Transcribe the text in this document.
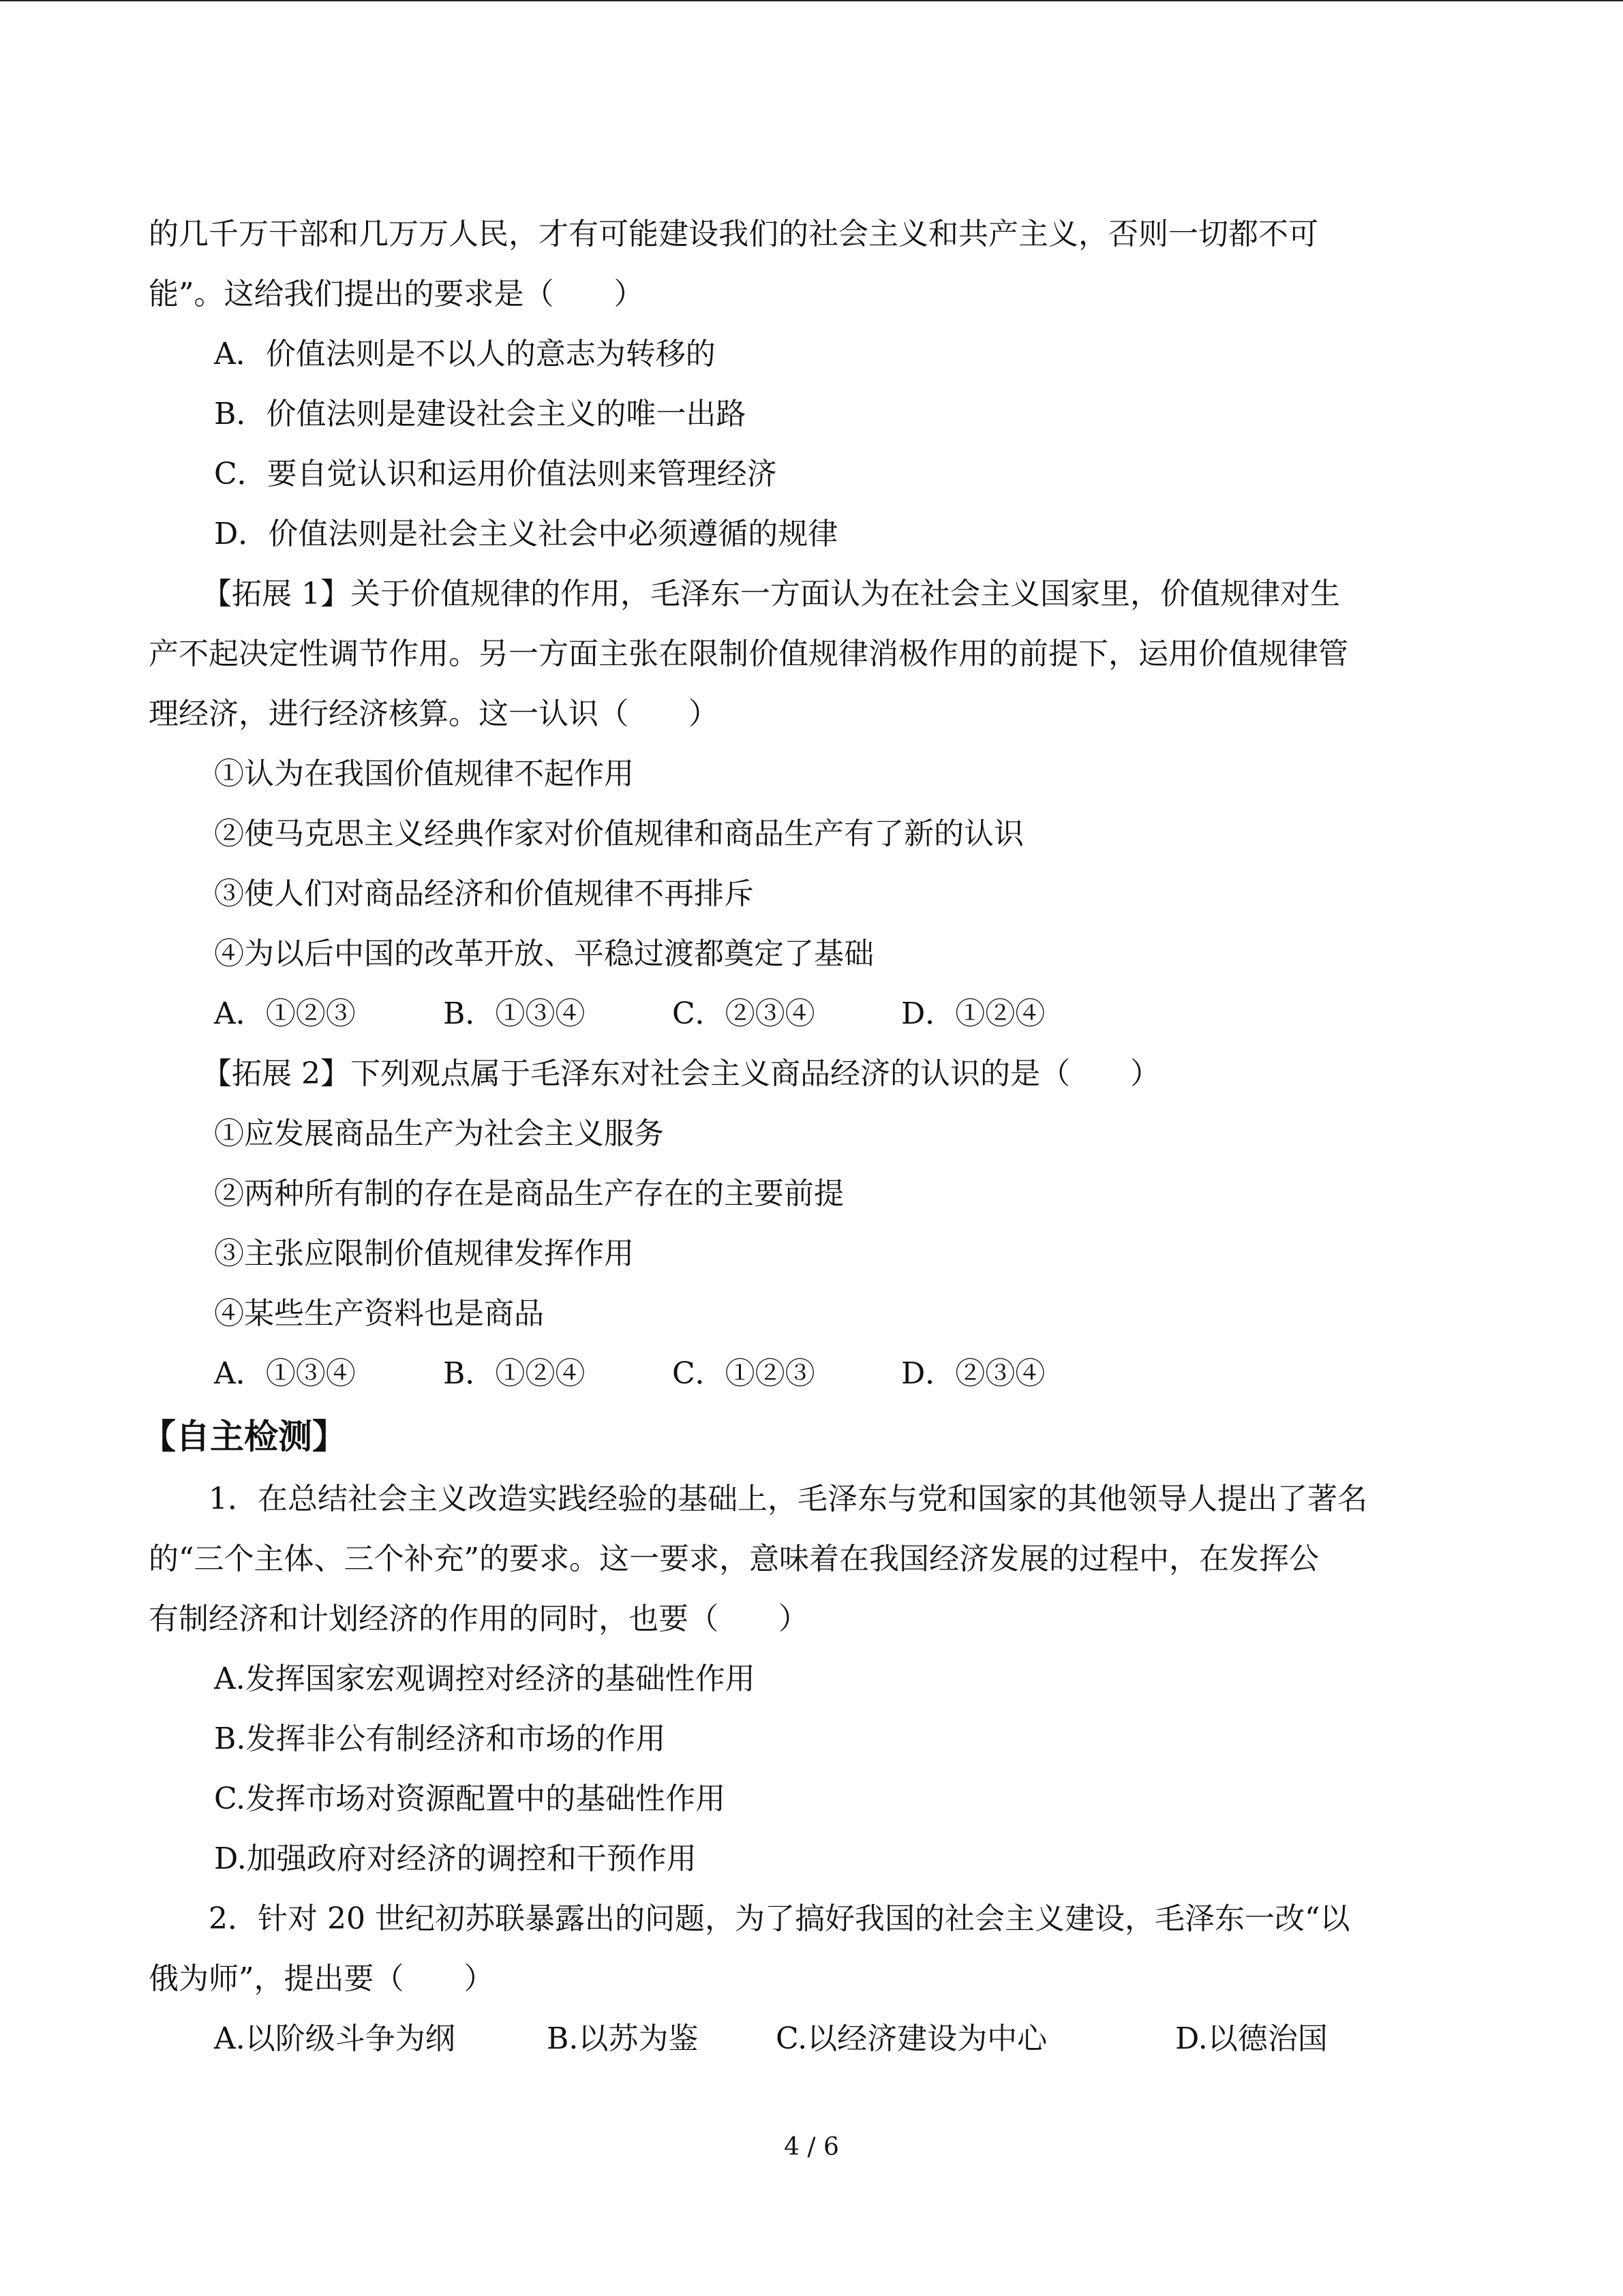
的几千万干部和几万万人民，才有可能建设我们的社会主义和共产主义，否则一切都不可
能”。这给我们提出的要求是（　　）
A．价值法则是不以人的意志为转移的
B．价值法则是建设社会主义的唯一出路
C．要自觉认识和运用价值法则来管理经济
D．价值法则是社会主义社会中必须遵循的规律
【拓展 1】关于价值规律的作用，毛泽东一方面认为在社会主义国家里，价值规律对生
产不起决定性调节作用。另一方面主张在限制价值规律消极作用的前提下，运用价值规律管
理经济，进行经济核算。这一认识（　　）
①认为在我国价值规律不起作用
②使马克思主义经典作家对价值规律和商品生产有了新的认识
③使人们对商品经济和价值规律不再排斥
④为以后中国的改革开放、平稳过渡都奠定了基础
A．①②③	B．①③④	C．②③④	D．①②④
【拓展 2】下列观点属于毛泽东对社会主义商品经济的认识的是（　　）
①应发展商品生产为社会主义服务
②两种所有制的存在是商品生产存在的主要前提
③主张应限制价值规律发挥作用
④某些生产资料也是商品
A．①③④	B．①②④	C．①②③	D．②③④
【自主检测】
1．在总结社会主义改造实践经验的基础上，毛泽东与党和国家的其他领导人提出了著名
的“三个主体、三个补充”的要求。这一要求，意味着在我国经济发展的过程中，在发挥公
有制经济和计划经济的作用的同时，也要（　　）
A.发挥国家宏观调控对经济的基础性作用
B.发挥非公有制经济和市场的作用
C.发挥市场对资源配置中的基础性作用
D.加强政府对经济的调控和干预作用
2．针对 20 世纪初苏联暴露出的问题，为了搞好我国的社会主义建设，毛泽东一改“以
俄为师”，提出要（　　）
A.以阶级斗争为纲	B.以苏为鉴	C.以经济建设为中心	D.以德治国
4 / 6
